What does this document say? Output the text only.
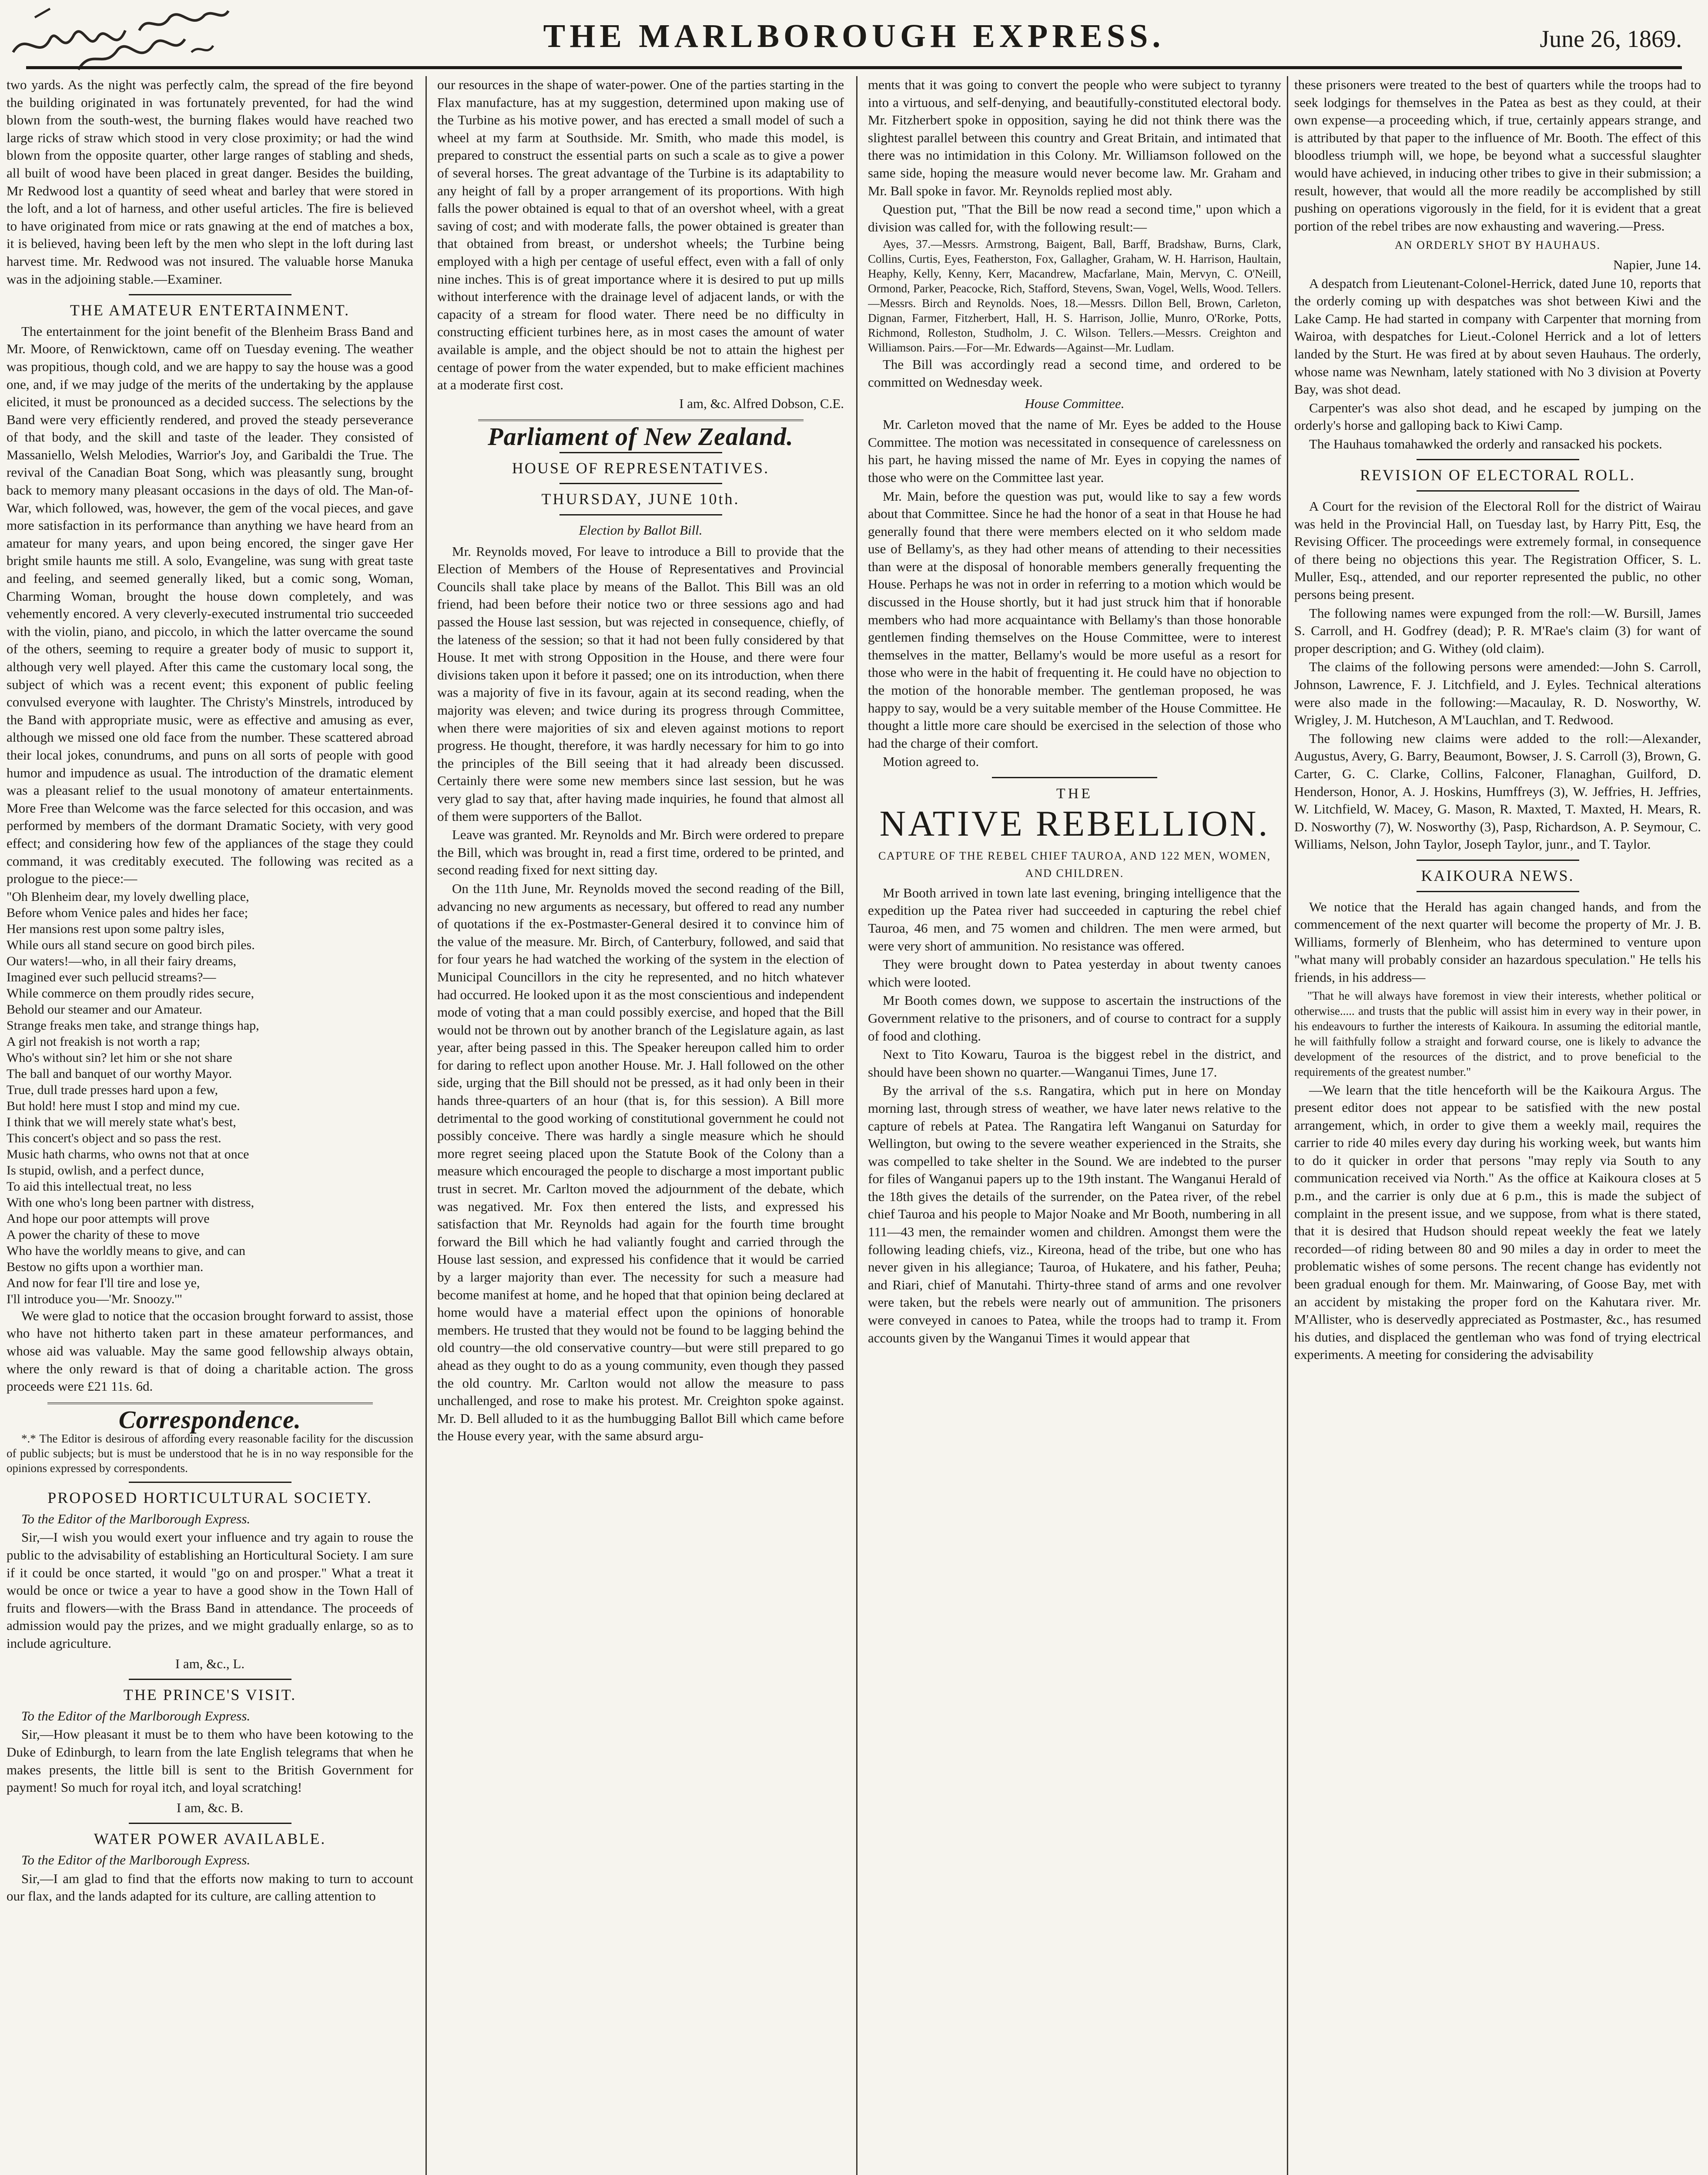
THE MARLBOROUGH EXPRESS.	June 26, 1869.

two yards. As the night was perfectly calm, the spread of the fire beyond the building originated in was fortunately prevented, for had the wind blown from the south-west, the burning flakes would have reached two large ricks of straw which stood in very close proximity; or had the wind blown from the opposite quarter, other large ranges of stabling and sheds, all built of wood have been placed in great danger. Besides the building, Mr Redwood lost a quantity of seed wheat and barley that were stored in the loft, and a lot of harness, and other useful articles. The fire is believed to have originated from mice or rats gnawing at the end of matches a box, it is believed, having been left by the men who slept in the loft during last harvest time. Mr. Redwood was not insured. The valuable horse Manuka was in the adjoining stable.—Examiner.

THE AMATEUR ENTERTAINMENT.

The entertainment for the joint benefit of the Blenheim Brass Band and Mr. Moore, of Renwicktown, came off on Tuesday evening. The weather was propitious, though cold, and we are happy to say the house was a good one, and, if we may judge of the merits of the undertaking by the applause elicited, it must be pronounced as a decided success. The selections by the Band were very efficiently rendered, and proved the steady perseverance of that body, and the skill and taste of the leader. They consisted of Massaniello, Welsh Melodies, Warrior's Joy, and Garibaldi the True. The revival of the Canadian Boat Song, which was pleasantly sung, brought back to memory many pleasant occasions in the days of old. The Man-of-War, which followed, was, however, the gem of the vocal pieces, and gave more satisfaction in its performance than anything we have heard from an amateur for many years, and upon being encored, the singer gave Her bright smile haunts me still. A solo, Evangeline, was sung with great taste and feeling, and seemed generally liked, but a comic song, Woman, Charming Woman, brought the house down completely, and was vehemently encored. A very cleverly-executed instrumental trio succeeded with the violin, piano, and piccolo, in which the latter overcame the sound of the others, seeming to require a greater body of music to support it, although very well played. After this came the customary local song, the subject of which was a recent event; this exponent of public feeling convulsed everyone with laughter. The Christy's Minstrels, introduced by the Band with appropriate music, were as effective and amusing as ever, although we missed one old face from the number. These scattered abroad their local jokes, conundrums, and puns on all sorts of people with good humor and impudence as usual. The introduction of the dramatic element was a pleasant relief to the usual monotony of amateur entertainments. More Free than Welcome was the farce selected for this occasion, and was performed by members of the dormant Dramatic Society, with very good effect; and considering how few of the appliances of the stage they could command, it was creditably executed. The following was recited as a prologue to the piece:—

"Oh Blenheim dear, my lovely dwelling place,

Before whom Venice pales and hides her face;

Her mansions rest upon some paltry isles,

While ours all stand secure on good birch piles.

Our waters!—who, in all their fairy dreams,

Imagined ever such pellucid streams?—

While commerce on them proudly rides secure,

Behold our steamer and our Amateur.

Strange freaks men take, and strange things hap,

A girl not freakish is not worth a rap;

Who's without sin? let him or she not share

The ball and banquet of our worthy Mayor.

True, dull trade presses hard upon a few,

But hold! here must I stop and mind my cue.

I think that we will merely state what's best,

This concert's object and so pass the rest.

Music hath charms, who owns not that at once

Is stupid, owlish, and a perfect dunce,

To aid this intellectual treat, no less

With one who's long been partner with distress,

And hope our poor attempts will prove

A power the charity of these to move

Who have the worldly means to give, and can

Bestow no gifts upon a worthier man.

And now for fear I'll tire and lose ye,

I'll introduce you—'Mr. Snoozy.'"

We were glad to notice that the occasion brought forward to assist, those who have not hitherto taken part in these amateur performances, and whose aid was valuable. May the same good fellowship always obtain, where the only reward is that of doing a charitable action. The gross proceeds were £21 11s. 6d.

Correspondence.

*.* The Editor is desirous of affording every reasonable facility for the discussion of public subjects; but is must be understood that he is in no way responsible for the opinions expressed by correspondents.

PROPOSED HORTICULTURAL SOCIETY.

To the Editor of the Marlborough Express.

Sir,—I wish you would exert your influence and try again to rouse the public to the advisability of establishing an Horticultural Society. I am sure if it could be once started, it would "go on and prosper." What a treat it would be once or twice a year to have a good show in the Town Hall of fruits and flowers—with the Brass Band in attendance. The proceeds of admission would pay the prizes, and we might gradually enlarge, so as to include agriculture.

I am, &c., L.

THE PRINCE'S VISIT.

To the Editor of the Marlborough Express.

Sir,—How pleasant it must be to them who have been kotowing to the Duke of Edinburgh, to learn from the late English telegrams that when he makes presents, the little bill is sent to the British Government for payment! So much for royal itch, and loyal scratching!

I am, &c. B.

WATER POWER AVAILABLE.

To the Editor of the Marlborough Express.

Sir,—I am glad to find that the efforts now making to turn to account our flax, and the lands adapted for its culture, are calling attention to

our resources in the shape of water-power. One of the parties starting in the Flax manufacture, has at my suggestion, determined upon making use of the Turbine as his motive power, and has erected a small model of such a wheel at my farm at Southside. Mr. Smith, who made this model, is prepared to construct the essential parts on such a scale as to give a power of several horses. The great advantage of the Turbine is its adaptability to any height of fall by a proper arrangement of its proportions. With high falls the power obtained is equal to that of an overshot wheel, with a great saving of cost; and with moderate falls, the power obtained is greater than that obtained from breast, or undershot wheels; the Turbine being employed with a high per centage of useful effect, even with a fall of only nine inches. This is of great importance where it is desired to put up mills without interference with the drainage level of adjacent lands, or with the capacity of a stream for flood water. There need be no difficulty in constructing efficient turbines here, as in most cases the amount of water available is ample, and the object should be not to attain the highest per centage of power from the water expended, but to make efficient machines at a moderate first cost.

I am, &c. Alfred Dobson, C.E.

Parliament of New Zealand.
HOUSE OF REPRESENTATIVES.
THURSDAY, JUNE 10th.
Election by Ballot Bill.

Mr. Reynolds moved, For leave to introduce a Bill to provide that the Election of Members of the House of Representatives and Provincial Councils shall take place by means of the Ballot. This Bill was an old friend, had been before their notice two or three sessions ago and had passed the House last session, but was rejected in consequence, chiefly, of the lateness of the session; so that it had not been fully considered by that House. It met with strong Opposition in the House, and there were four divisions taken upon it before it passed; one on its introduction, when there was a majority of five in its favour, again at its second reading, when the majority was eleven; and twice during its progress through Committee, when there were majorities of six and eleven against motions to report progress. He thought, therefore, it was hardly necessary for him to go into the principles of the Bill seeing that it had already been discussed. Certainly there were some new members since last session, but he was very glad to say that, after having made inquiries, he found that almost all of them were supporters of the Ballot.

Leave was granted. Mr. Reynolds and Mr. Birch were ordered to prepare the Bill, which was brought in, read a first time, ordered to be printed, and second reading fixed for next sitting day.

On the 11th June, Mr. Reynolds moved the second reading of the Bill, advancing no new arguments as necessary, but offered to read any number of quotations if the ex-Postmaster-General desired it to convince him of the value of the measure. Mr. Birch, of Canterbury, followed, and said that for four years he had watched the working of the system in the election of Municipal Councillors in the city he represented, and no hitch whatever had occurred. He looked upon it as the most conscientious and independent mode of voting that a man could possibly exercise, and hoped that the Bill would not be thrown out by another branch of the Legislature again, as last year, after being passed in this. The Speaker hereupon called him to order for daring to reflect upon another House. Mr. J. Hall followed on the other side, urging that the Bill should not be pressed, as it had only been in their hands three-quarters of an hour (that is, for this session). A Bill more detrimental to the good working of constitutional government he could not possibly conceive. There was hardly a single measure which he should more regret seeing placed upon the Statute Book of the Colony than a measure which encouraged the people to discharge a most important public trust in secret. Mr. Carlton moved the adjournment of the debate, which was negatived. Mr. Fox then entered the lists, and expressed his satisfaction that Mr. Reynolds had again for the fourth time brought forward the Bill which he had valiantly fought and carried through the House last session, and expressed his confidence that it would be carried by a larger majority than ever. The necessity for such a measure had become manifest at home, and he hoped that that opinion being declared at home would have a material effect upon the opinions of honorable members. He trusted that they would not be found to be lagging behind the old country—the old conservative country—but were still prepared to go ahead as they ought to do as a young community, even though they passed the old country. Mr. Carlton would not allow the measure to pass unchallenged, and rose to make his protest. Mr. Creighton spoke against. Mr. D. Bell alluded to it as the humbugging Ballot Bill which came before the House every year, with the same absurd argu-

ments that it was going to convert the people who were subject to tyranny into a virtuous, and self-denying, and beautifully-constituted electoral body. Mr. Fitzherbert spoke in opposition, saying he did not think there was the slightest parallel between this country and Great Britain, and intimated that there was no intimidation in this Colony. Mr. Williamson followed on the same side, hoping the measure would never become law. Mr. Graham and Mr. Ball spoke in favor. Mr. Reynolds replied most ably.

Question put, "That the Bill be now read a second time," upon which a division was called for, with the following result:—

Ayes, 37.—Messrs. Armstrong, Baigent, Ball, Barff, Bradshaw, Burns, Clark, Collins, Curtis, Eyes, Featherston, Fox, Gallagher, Graham, W. H. Harrison, Haultain, Heaphy, Kelly, Kenny, Kerr, Macandrew, Macfarlane, Main, Mervyn, C. O'Neill, Ormond, Parker, Peacocke, Rich, Stafford, Stevens, Swan, Vogel, Wells, Wood. Tellers.—Messrs. Birch and Reynolds. Noes, 18.—Messrs. Dillon Bell, Brown, Carleton, Dignan, Farmer, Fitzherbert, Hall, H. S. Harrison, Jollie, Munro, O'Rorke, Potts, Richmond, Rolleston, Studholm, J. C. Wilson. Tellers.—Messrs. Creighton and Williamson. Pairs.—For—Mr. Edwards—Against—Mr. Ludlam.

The Bill was accordingly read a second time, and ordered to be committed on Wednesday week.

House Committee.

Mr. Carleton moved that the name of Mr. Eyes be added to the House Committee. The motion was necessitated in consequence of carelessness on his part, he having missed the name of Mr. Eyes in copying the names of those who were on the Committee last year.

Mr. Main, before the question was put, would like to say a few words about that Committee. Since he had the honor of a seat in that House he had generally found that there were members elected on it who seldom made use of Bellamy's, as they had other means of attending to their necessities than were at the disposal of honorable members generally frequenting the House. Perhaps he was not in order in referring to a motion which would be discussed in the House shortly, but it had just struck him that if honorable members who had more acquaintance with Bellamy's than those honorable gentlemen finding themselves on the House Committee, were to interest themselves in the matter, Bellamy's would be more useful as a resort for those who were in the habit of frequenting it. He could have no objection to the motion of the honorable member. The gentleman proposed, he was happy to say, would be a very suitable member of the House Committee. He thought a little more care should be exercised in the selection of those who had the charge of their comfort.

Motion agreed to.

THE
NATIVE REBELLION.
CAPTURE OF THE REBEL CHIEF TAUROA, AND 122 MEN, WOMEN, AND CHILDREN.

Mr Booth arrived in town late last evening, bringing intelligence that the expedition up the Patea river had succeeded in capturing the rebel chief Tauroa, 46 men, and 75 women and children. The men were armed, but were very short of ammunition. No resistance was offered.

They were brought down to Patea yesterday in about twenty canoes which were looted.

Mr Booth comes down, we suppose to ascertain the instructions of the Government relative to the prisoners, and of course to contract for a supply of food and clothing.

Next to Tito Kowaru, Tauroa is the biggest rebel in the district, and should have been shown no quarter.—Wanganui Times, June 17.

By the arrival of the s.s. Rangatira, which put in here on Monday morning last, through stress of weather, we have later news relative to the capture of rebels at Patea. The Rangatira left Wanganui on Saturday for Wellington, but owing to the severe weather experienced in the Straits, she was compelled to take shelter in the Sound. We are indebted to the purser for files of Wanganui papers up to the 19th instant. The Wanganui Herald of the 18th gives the details of the surrender, on the Patea river, of the rebel chief Tauroa and his people to Major Noake and Mr Booth, numbering in all 111—43 men, the remainder women and children. Amongst them were the following leading chiefs, viz., Kireona, head of the tribe, but one who has never given in his allegiance; Tauroa, of Hukatere, and his father, Peuha; and Riari, chief of Manutahi. Thirty-three stand of arms and one revolver were taken, but the rebels were nearly out of ammunition. The prisoners were conveyed in canoes to Patea, while the troops had to tramp it. From accounts given by the Wanganui Times it would appear that

these prisoners were treated to the best of quarters while the troops had to seek lodgings for themselves in the Patea as best as they could, at their own expense—a proceeding which, if true, certainly appears strange, and is attributed by that paper to the influence of Mr. Booth. The effect of this bloodless triumph will, we hope, be beyond what a successful slaughter would have achieved, in inducing other tribes to give in their submission; a result, however, that would all the more readily be accomplished by still pushing on operations vigorously in the field, for it is evident that a great portion of the rebel tribes are now exhausting and wavering.—Press.

AN ORDERLY SHOT BY HAUHAUS.

Napier, June 14.

A despatch from Lieutenant-Colonel-Herrick, dated June 10, reports that the orderly coming up with despatches was shot between Kiwi and the Lake Camp. He had started in company with Carpenter that morning from Wairoa, with despatches for Lieut.-Colonel Herrick and a lot of letters landed by the Sturt. He was fired at by about seven Hauhaus. The orderly, whose name was Newnham, lately stationed with No 3 division at Poverty Bay, was shot dead.

Carpenter's was also shot dead, and he escaped by jumping on the orderly's horse and galloping back to Kiwi Camp.

The Hauhaus tomahawked the orderly and ransacked his pockets.

REVISION OF ELECTORAL ROLL.

A Court for the revision of the Electoral Roll for the district of Wairau was held in the Provincial Hall, on Tuesday last, by Harry Pitt, Esq, the Revising Officer. The proceedings were extremely formal, in consequence of there being no objections this year. The Registration Officer, S. L. Muller, Esq., attended, and our reporter represented the public, no other persons being present.

The following names were expunged from the roll:—W. Bursill, James S. Carroll, and H. Godfrey (dead); P. R. M'Rae's claim (3) for want of proper description; and G. Withey (old claim).

The claims of the following persons were amended:—John S. Carroll, Johnson, Lawrence, F. J. Litchfield, and J. Eyles. Technical alterations were also made in the following:—Macaulay, R. D. Nosworthy, W. Wrigley, J. M. Hutcheson, A M'Lauchlan, and T. Redwood.

The following new claims were added to the roll:—Alexander, Augustus, Avery, G. Barry, Beaumont, Bowser, J. S. Carroll (3), Brown, G. Carter, G. C. Clarke, Collins, Falconer, Flanaghan, Guilford, D. Henderson, Honor, A. J. Hoskins, Humffreys (3), W. Jeffries, H. Jeffries, W. Litchfield, W. Macey, G. Mason, R. Maxted, T. Maxted, H. Mears, R. D. Nosworthy (7), W. Nosworthy (3), Pasp, Richardson, A. P. Seymour, C. Williams, Nelson, John Taylor, Joseph Taylor, junr., and T. Taylor.

KAIKOURA NEWS.

We notice that the Herald has again changed hands, and from the commencement of the next quarter will become the property of Mr. J. B. Williams, formerly of Blenheim, who has determined to venture upon "what many will probably consider an hazardous speculation." He tells his friends, in his address—

"That he will always have foremost in view their interests, whether political or otherwise..... and trusts that the public will assist him in every way in their power, in his endeavours to further the interests of Kaikoura. In assuming the editorial mantle, he will faithfully follow a straight and forward course, one is likely to advance the development of the resources of the district, and to prove beneficial to the requirements of the greatest number."

—We learn that the title henceforth will be the Kaikoura Argus. The present editor does not appear to be satisfied with the new postal arrangement, which, in order to give them a weekly mail, requires the carrier to ride 40 miles every day during his working week, but wants him to do it quicker in order that persons "may reply via South to any communication received via North." As the office at Kaikoura closes at 5 p.m., and the carrier is only due at 6 p.m., this is made the subject of complaint in the present issue, and we suppose, from what is there stated, that it is desired that Hudson should repeat weekly the feat we lately recorded—of riding between 80 and 90 miles a day in order to meet the problematic wishes of some persons. The recent change has evidently not been gradual enough for them. Mr. Mainwaring, of Goose Bay, met with an accident by mistaking the proper ford on the Kahutara river. Mr. M'Allister, who is deservedly appreciated as Postmaster, &c., has resumed his duties, and displaced the gentleman who was fond of trying electrical experiments. A meeting for considering the advisability
